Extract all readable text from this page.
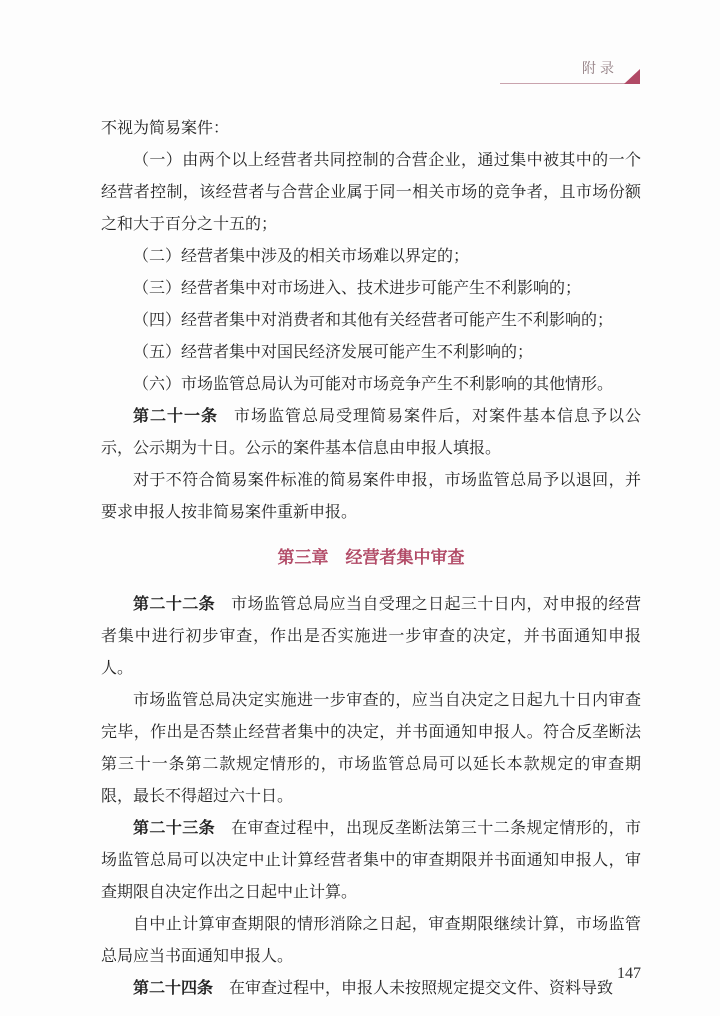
附录

不视为简易案件：

（一）由两个以上经营者共同控制的合营企业，通过集中被其中的一个经营者控制，该经营者与合营企业属于同一相关市场的竞争者，且市场份额之和大于百分之十五的；

（二）经营者集中涉及的相关市场难以界定的；

（三）经营者集中对市场进入、技术进步可能产生不利影响的；

（四）经营者集中对消费者和其他有关经营者可能产生不利影响的；

（五）经营者集中对国民经济发展可能产生不利影响的；

（六）市场监管总局认为可能对市场竞争产生不利影响的其他情形。

第二十一条 市场监管总局受理简易案件后，对案件基本信息予以公示，公示期为十日。公示的案件基本信息由申报人填报。

对于不符合简易案件标准的简易案件申报，市场监管总局予以退回，并要求申报人按非简易案件重新申报。

第三章　经营者集中审查

第二十二条 市场监管总局应当自受理之日起三十日内，对申报的经营者集中进行初步审查，作出是否实施进一步审查的决定，并书面通知申报人。

市场监管总局决定实施进一步审查的，应当自决定之日起九十日内审查完毕，作出是否禁止经营者集中的决定，并书面通知申报人。符合反垄断法第三十一条第二款规定情形的，市场监管总局可以延长本款规定的审查期限，最长不得超过六十日。

第二十三条 在审查过程中，出现反垄断法第三十二条规定情形的，市场监管总局可以决定中止计算经营者集中的审查期限并书面通知申报人，审查期限自决定作出之日起中止计算。

自中止计算审查期限的情形消除之日起，审查期限继续计算，市场监管总局应当书面通知申报人。

第二十四条 在审查过程中，申报人未按照规定提交文件、资料导致

147
